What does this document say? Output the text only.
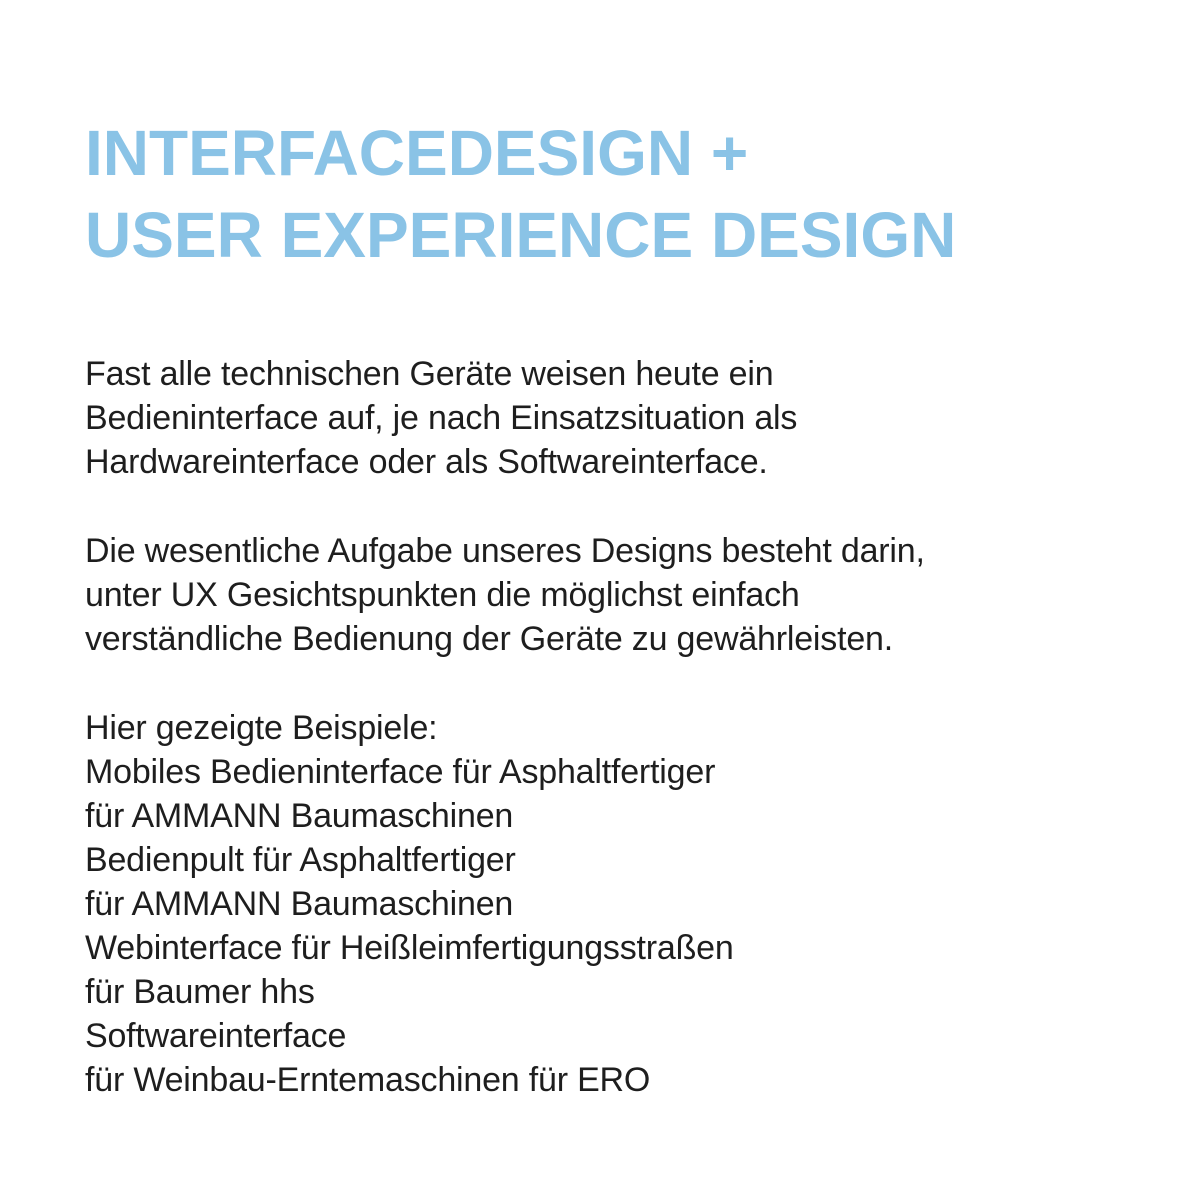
INTERFACEDESIGN +
USER EXPERIENCE DESIGN

Fast alle technischen Geräte weisen heute ein
Bedieninterface auf, je nach Einsatzsituation als
Hardwareinterface oder als Softwareinterface.

Die wesentliche Aufgabe unseres Designs besteht darin,
unter UX Gesichtspunkten die möglichst einfach
verständliche Bedienung der Geräte zu gewährleisten.

Hier gezeigte Beispiele:
Mobiles Bedieninterface für Asphaltfertiger
für AMMANN Baumaschinen
Bedienpult für Asphaltfertiger
für AMMANN Baumaschinen
Webinterface für Heißleimfertigungsstraßen
für Baumer hhs
Softwareinterface
für Weinbau-Erntemaschinen für ERO
